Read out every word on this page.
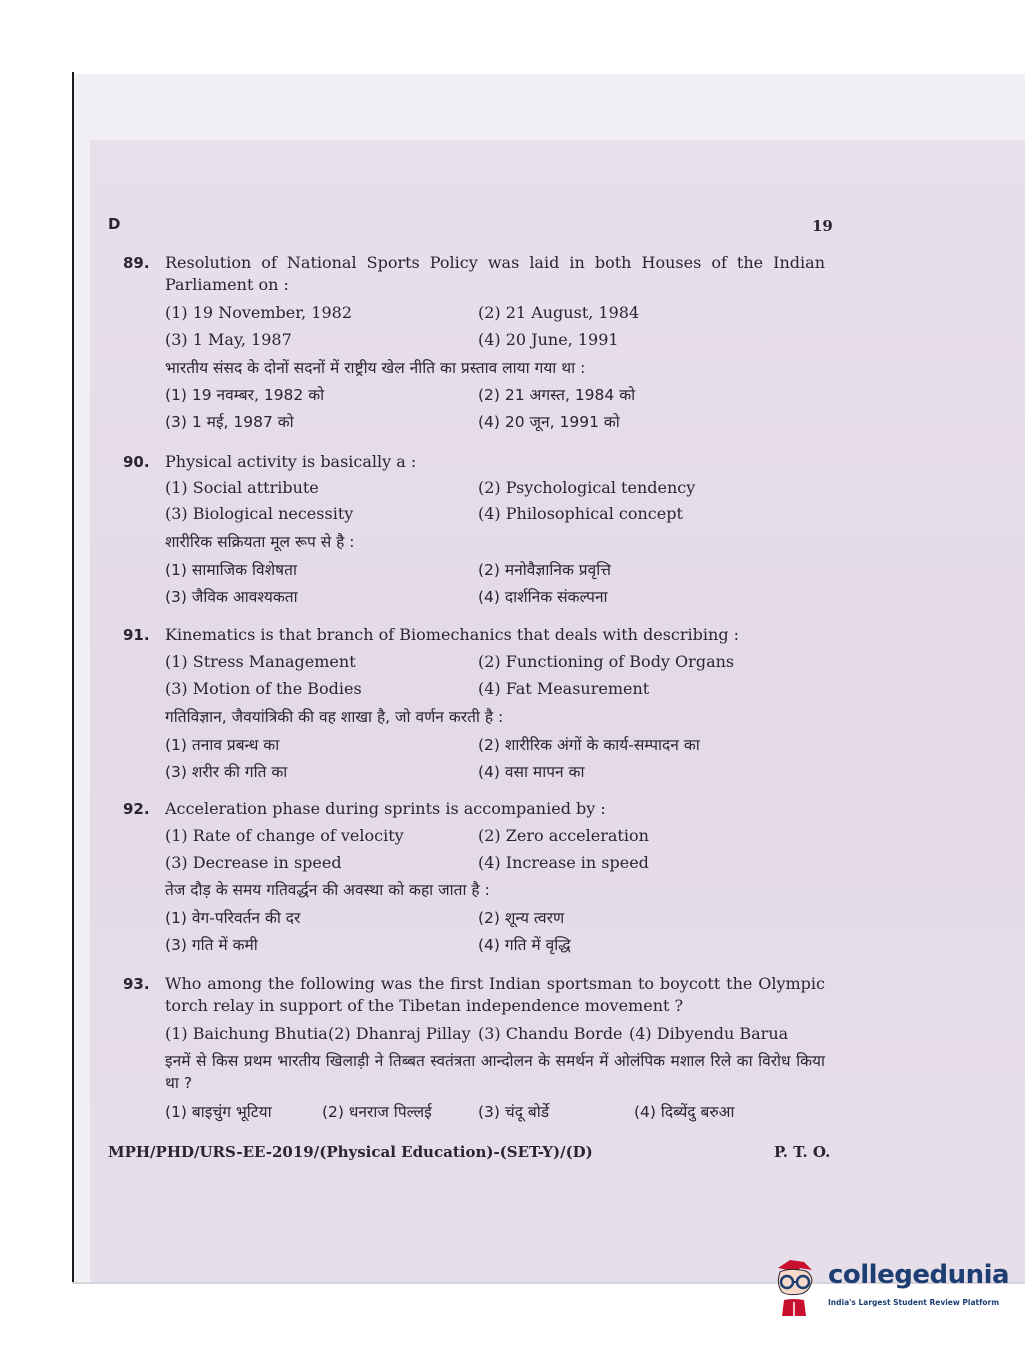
D	19
89. Resolution of National Sports Policy was laid in both Houses of the Indian Parliament on :
(1) 19 November, 1982	(2) 21 August, 1984
(3) 1 May, 1987	(4) 20 June, 1991
भारतीय संसद के दोनों सदनों में राष्ट्रीय खेल नीति का प्रस्ताव लाया गया था :
(1) 19 नवम्बर, 1982 को	(2) 21 अगस्त, 1984 को
(3) 1 मई, 1987 को	(4) 20 जून, 1991 को
90. Physical activity is basically a :
(1) Social attribute	(2) Psychological tendency
(3) Biological necessity	(4) Philosophical concept
शारीरिक सक्रियता मूल रूप से है :
(1) सामाजिक विशेषता	(2) मनोवैज्ञानिक प्रवृत्ति
(3) जैविक आवश्यकता	(4) दार्शनिक संकल्पना
91. Kinematics is that branch of Biomechanics that deals with describing :
(1) Stress Management	(2) Functioning of Body Organs
(3) Motion of the Bodies	(4) Fat Measurement
गतिविज्ञान, जैवयांत्रिकी की वह शाखा है, जो वर्णन करती है :
(1) तनाव प्रबन्ध का	(2) शारीरिक अंगों के कार्य-सम्पादन का
(3) शरीर की गति का	(4) वसा मापन का
92. Acceleration phase during sprints is accompanied by :
(1) Rate of change of velocity	(2) Zero acceleration
(3) Decrease in speed	(4) Increase in speed
तेज दौड़ के समय गतिवर्द्धन की अवस्था को कहा जाता है :
(1) वेग-परिवर्तन की दर	(2) शून्य त्वरण
(3) गति में कमी	(4) गति में वृद्धि
93. Who among the following was the first Indian sportsman to boycott the Olympic torch relay in support of the Tibetan independence movement ?
(1) Baichung Bhutia (2) Dhanraj Pillay (3) Chandu Borde (4) Dibyendu Barua
इनमें से किस प्रथम भारतीय खिलाड़ी ने तिब्बत स्वतंत्रता आन्दोलन के समर्थन में ओलंपिक मशाल रिले का विरोध किया था ?
(1) बाइचुंग भूटिया	(2) धनराज पिल्लई	(3) चंदू बोर्डे	(4) दिब्येंदु बरुआ
MPH/PHD/URS-EE-2019/(Physical Education)-(SET-Y)/(D)	P. T. O.
collegedunia
India's Largest Student Review Platform
